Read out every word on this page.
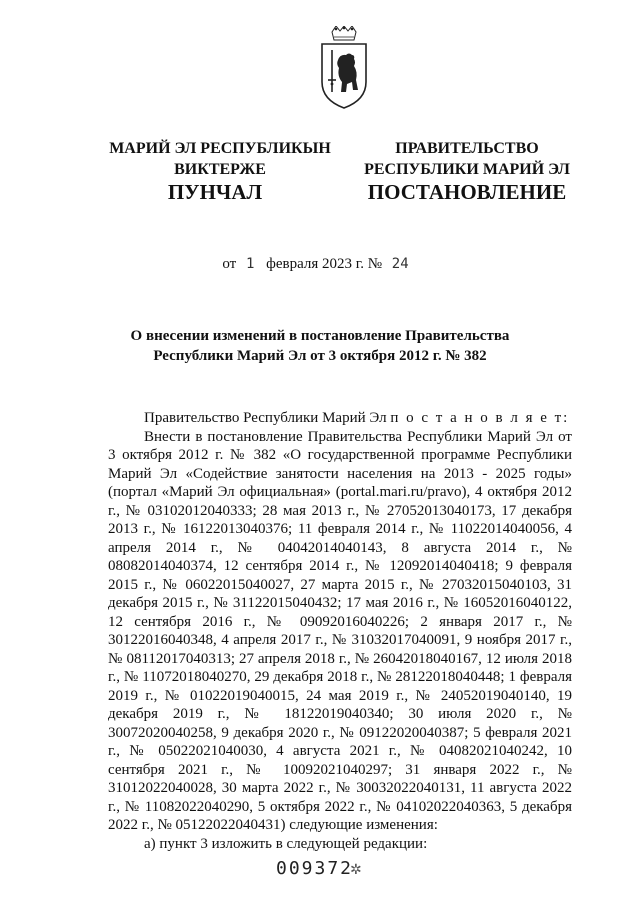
МАРИЙ ЭЛ РЕСПУБЛИКЫН
ВИКТЕРЖЕ
ПРАВИТЕЛЬСТВО
РЕСПУБЛИКИ МАРИЙ ЭЛ
ПУНЧАЛ	ПОСТАНОВЛЕНИЕ
от 1 февраля 2023 г. № 24
О внесении изменений в постановление Правительства
Республики Марий Эл от 3 октября 2012 г. № 382

Правительство Республики Марий Эл п о с т а н о в л я е т:

Внести в постановление Правительства Республики Марий Эл от 3 октября 2012 г. № 382 «О государственной программе Республики Марий Эл «Содействие занятости населения на 2013 - 2025 годы» (портал «Марий Эл официальная» (portal.mari.ru/pravo), 4 октября 2012 г., № 03102012040333; 28 мая 2013 г., № 27052013040173, 17 декабря 2013 г., № 16122013040376; 11 февраля 2014 г., № 11022014040056, 4 апреля 2014 г., № 04042014040143, 8 августа 2014 г., № 08082014040374, 12 сентября 2014 г., № 12092014040418; 9 февраля 2015 г., № 06022015040027, 27 марта 2015 г., № 27032015040103, 31 декабря 2015 г., № 31122015040432; 17 мая 2016 г., № 16052016040122, 12 сентября 2016 г., № 09092016040226; 2 января 2017 г., № 30122016040348, 4 апреля 2017 г., № 31032017040091, 9 ноября 2017 г., № 08112017040313; 27 апреля 2018 г., № 26042018040167, 12 июля 2018 г., № 11072018040270, 29 декабря 2018 г., № 28122018040448; 1 февраля 2019 г., № 01022019040015, 24 мая 2019 г., № 24052019040140, 19 декабря 2019 г., № 18122019040340; 30 июля 2020 г., № 30072020040258, 9 декабря 2020 г., № 09122020040387; 5 февраля 2021 г., № 05022021040030, 4 августа 2021 г., № 04082021040242, 10 сентября 2021 г., № 10092021040297; 31 января 2022 г., № 31012022040028, 30 марта 2022 г., № 30032022040131, 11 августа 2022 г., № 11082022040290, 5 октября 2022 г., № 04102022040363, 5 декабря 2022 г., № 05122022040431) следующие изменения:

а) пункт 3 изложить в следующей редакции:

009372
✲
